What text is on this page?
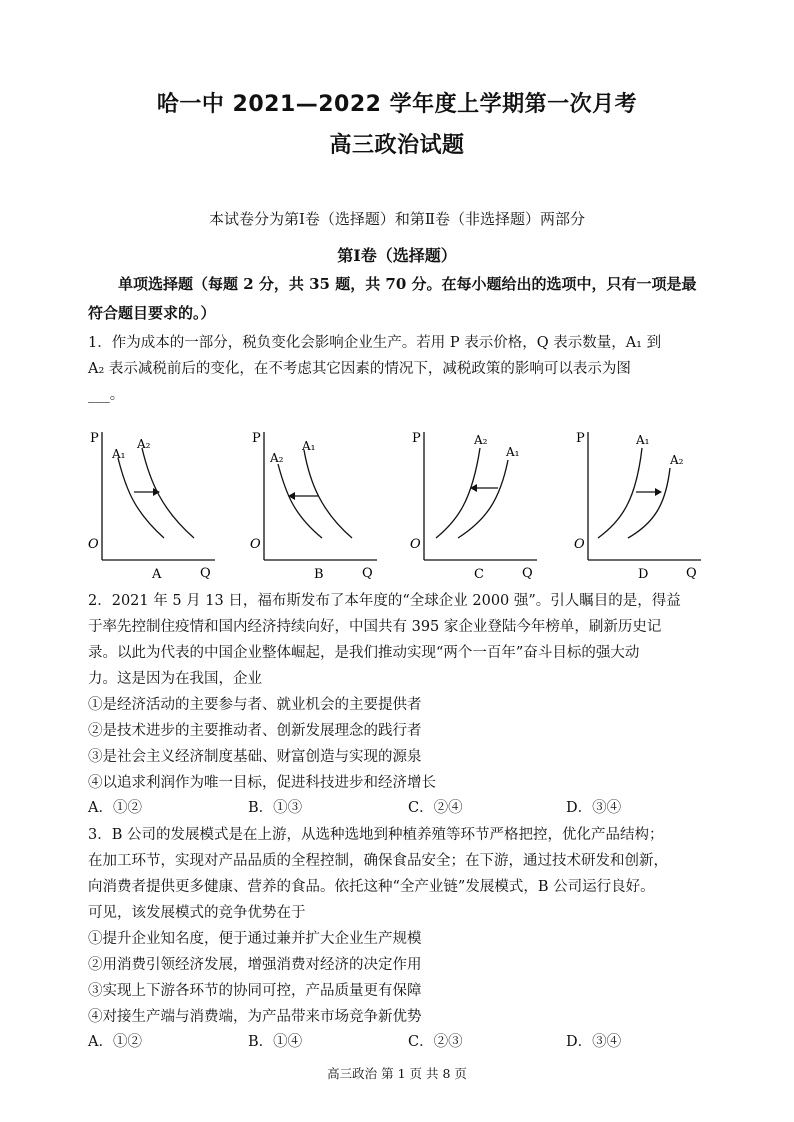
哈一中 2021—2022 学年度上学期第一次月考
高三政治试题
本试卷分为第Ⅰ卷（选择题）和第Ⅱ卷（非选择题）两部分
第Ⅰ卷（选择题）
单项选择题（每题 2 分，共 35 题，共 70 分。在每小题给出的选项中，只有一项是最
符合题目要求的。）
1．作为成本的一部分，税负变化会影响企业生产。若用 P 表示价格，Q 表示数量，A₁ 到
A₂ 表示减税前后的变化，在不考虑其它因素的情况下，减税政策的影响可以表示为图
___。
P
Q
O
A₁
A₂
A
P
Q
O
A₂
A₁
B
P
Q
O
A₂
A₁
C
P
Q
O
A₁
A₂
D
2．2021 年 5 月 13 日，福布斯发布了本年度的“全球企业 2000 强”。引人瞩目的是，得益
于率先控制住疫情和国内经济持续向好，中国共有 395 家企业登陆今年榜单，刷新历史记
录。以此为代表的中国企业整体崛起，是我们推动实现“两个一百年”奋斗目标的强大动
力。这是因为在我国，企业
①是经济活动的主要参与者、就业机会的主要提供者
②是技术进步的主要推动者、创新发展理念的践行者
③是社会主义经济制度基础、财富创造与实现的源泉
④以追求利润作为唯一目标，促进科技进步和经济增长
A．①②	B．①③	C．②④	D．③④
3．B 公司的发展模式是在上游，从选种选地到种植养殖等环节严格把控，优化产品结构；
在加工环节，实现对产品品质的全程控制，确保食品安全；在下游，通过技术研发和创新，
向消费者提供更多健康、营养的食品。依托这种“全产业链”发展模式，B 公司运行良好。
可见，该发展模式的竞争优势在于
①提升企业知名度，便于通过兼并扩大企业生产规模
②用消费引领经济发展，增强消费对经济的决定作用
③实现上下游各环节的协同可控，产品质量更有保障
④对接生产端与消费端，为产品带来市场竞争新优势
A．①②	B．①④	C．②③	D．③④
高三政治 第 1 页 共 8 页
